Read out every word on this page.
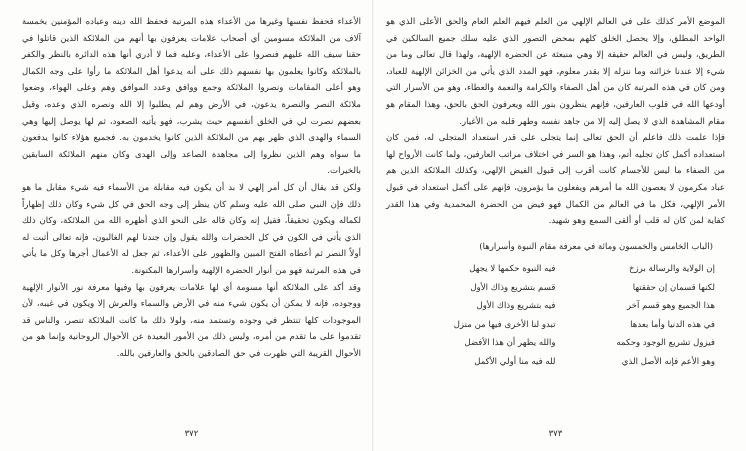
الأعداء فحفظ نفسها وغيرها من الأعداء هذه المرتبة فحفظ الله دينه وعباده المؤمنين بخمسة آلاف من الملائكة مسومين أي أصحاب علامات يعرفون بها أنهم من الملائكة الذين قاتلوا في حقنا سيف الله عليهم فنصروا على الأعداء، وعليه فما لا أدري أنها هذه الدائرة بالنظر والكفر بالملائكة وكانوا يعلمون بها نفسهم ذلك على أنه يدعوا أهل الملائكة ما رأوا على وجه الكمال وهو أعلى المقامات ونصروا الملائكة وجمع ووافق وعدد الموافق وهم وعلى الهواء، وضعوا ملائكة النصر والنصرة يدعون، في الأرض وهم لم يطلبوا إلا الله ونصره الذي وعده، وقيل بعضهم نصرت لي في الخلق أنفسهم حيث يشرب، فهو يأتيه الصعود، ثم لها يوصل إليها وهي السماء والهدى الذي ظهر بهم من الملائكة الذين كانوا يخدمون به. فجميع هؤلاء كانوا يدفعون ما سواه وهم الذين نظروا إلى مجاهدة الصاعد وإلى الهدى وكان منهم الملائكة السابقين بالخيرات.

ولكن قد يقال أن كل أمر إلهي لا بد أن يكون فيه مقابلة من الأسماء فيه شيء مقابل ما هو ذلك فإن النبي صلى الله عليه وسلم كان ينظر إلى وجه الحق في كل شيء وكان ذلك إظهاراً لكماله ويكون تحقيقاً، فقيل إنه وكان قاله على النحو الذي أظهره الله من الملائكة، وكان ذلك الذي يأتي في الكون في كل الحضرات والله يقول وإن جندنا لهم الغالبون، فإنه تعالى أثبت له أولاً النصر ثم أعطاه الفتح المبين والظهور على الأعداء، ثم جعل له الأعمال أجرها وكل ما يأتي في هذه المرتبة فهو من أنوار الحضرة الإلهية وأسرارها المكنونة.

وقد أكد على الملائكة أنها مسومة أي لها علامات يعرفون بها وفيها معرفة نور الأنوار الإلهية ووجوده، فإنه لا يمكن أن يكون شيء منه في الأرض والسماء والعرش إلا ويكون في غيبه، لأن الموجودات كلها تنتظر في وجوده وتستمد منه، ولولا ذلك ما كانت الملائكة تنصر، والناس قد تقدموا على ما تقدم من أمره، وليس ذلك من الأمور البعيدة عن الأحوال الروحانية وإنما هو من الأحوال القريبة التي ظهرت في حق الصادقين بالحق والعارفين بالله.

٣٧٢

الموضع الأمر كذلك على في العالم الإلهي من العلم فيهم العلم العام والحق الأعلى الذي هو الواحد المطلق، وإلا يحصل الخلق كلهم بمحض التصور الذي عليه سلك جميع السالكين في الطريق، وليس في العالم حقيقة إلا وهي منبعثة عن الحضرة الإلهية، ولهذا قال تعالى وما من شيء إلا عندنا خزائنه وما ننزله إلا بقدر معلوم، فهو المدد الذي يأتي من الخزائن الإلهية للعباد، ومن كان في هذه المرتبة كان من أهل الصفاء والكرامة والنعمة والعطاء، وهو من الأسرار التي أودعها الله في قلوب العارفين، فإنهم ينظرون بنور الله ويعرفون الحق بالحق، وهذا المقام هو مقام المشاهدة الذي لا يصل إليه إلا من جاهد نفسه وطهر قلبه من الأغيار.

فإذا علمت ذلك فاعلم أن الحق تعالى إنما يتجلى على قدر استعداد المتجلى له، فمن كان استعداده أكمل كان تجليه أتم، وهذا هو السر في اختلاف مراتب العارفين، ولما كانت الأرواح لها من الصفاء ما ليس للأجسام كانت أقرب إلى قبول الفيض الإلهي، وكذلك الملائكة الذين هم عباد مكرمون لا يعصون الله ما أمرهم ويفعلون ما يؤمرون، فإنهم على أكمل استعداد في قبول الأمر الإلهي، فكل ما في العالم من الكمال فهو فيض من الحضرة المحمدية وفي هذا القدر كفاية لمن كان له قلب أو ألقى السمع وهو شهيد.

(الباب الخامس والخمسون ومائة في معرفة مقام النبوة وأسرارها)
إن الولاية والرسالة برزخ	فيه النبوة حكمها لا يجهل
لكنها قسمان إن حققتها	قسم بتشريع وذاك الأول
هذا الجميع وهو قسم آخر	فيه بتشريع وذاك الأول
في هذه الدنيا وأما بعدها	تبدو لنا الأخرى فيها من منزل
فيزول تشريع الوجود وحكمه	والله يظهر أن هذا الأفضل
وهو الأعم فإنه الأصل الذي	لله فيه منا أولي الأكمل
٣٧٣
